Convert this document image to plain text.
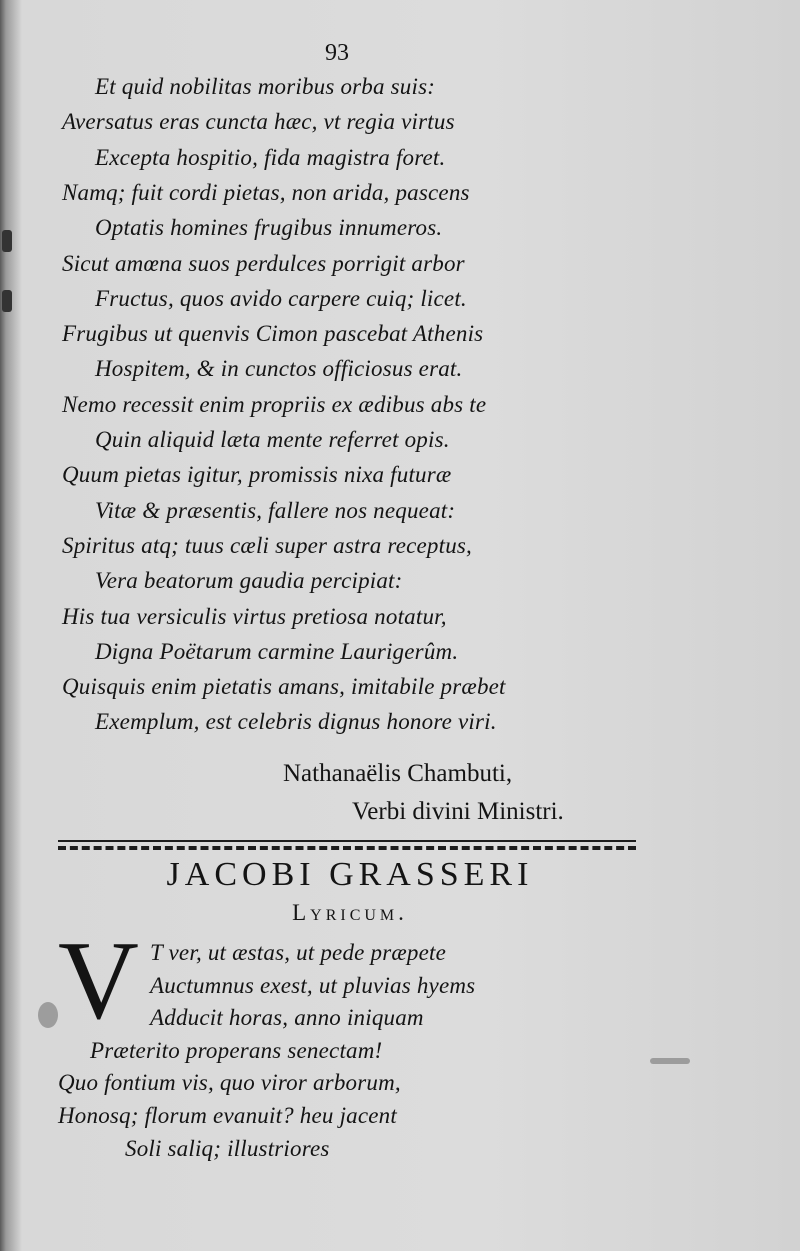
93
Et quid nobilitas moribus orba suis:
Aversatus eras cuncta hæc, vt regia virtus
Excepta hospitio, fida magistra foret.
Namq; fuit cordi pietas, non arida, pascens
Optatis homines frugibus innumeros.
Sicut amœna suos perdulces porrigit arbor
Fructus, quos avido carpere cuiq; licet.
Frugibus ut quenvis Cimon pascebat Athenis
Hospitem, & in cunctos officiosus erat.
Nemo recessit enim propriis ex ædibus abs te
Quin aliquid læta mente referret opis.
Quum pietas igitur, promissis nixa futuræ
Vitæ & præsentis, fallere nos nequeat:
Spiritus atq; tuus cæli super astra receptus,
Vera beatorum gaudia percipiat:
His tua versiculis virtus pretiosa notatur,
Digna Poëtarum carmine Laurigerûm.
Quisquis enim pietatis amans, imitabile præbet
Exemplum, est celebris dignus honore viri.
Nathanaëlis Chambuti,
Verbi divini Ministri.
JACOBI GRASSERI
Lyricum.
V T ver, ut æstas, ut pede præpete
Auctumnus exest, ut pluvias hyems
Adducit horas, anno iniquam
Præterito properans senectam!
Quo fontium vis, quo viror arborum,
Honosq; florum evanuit? heu jacent
Soli saliq; illustriores
